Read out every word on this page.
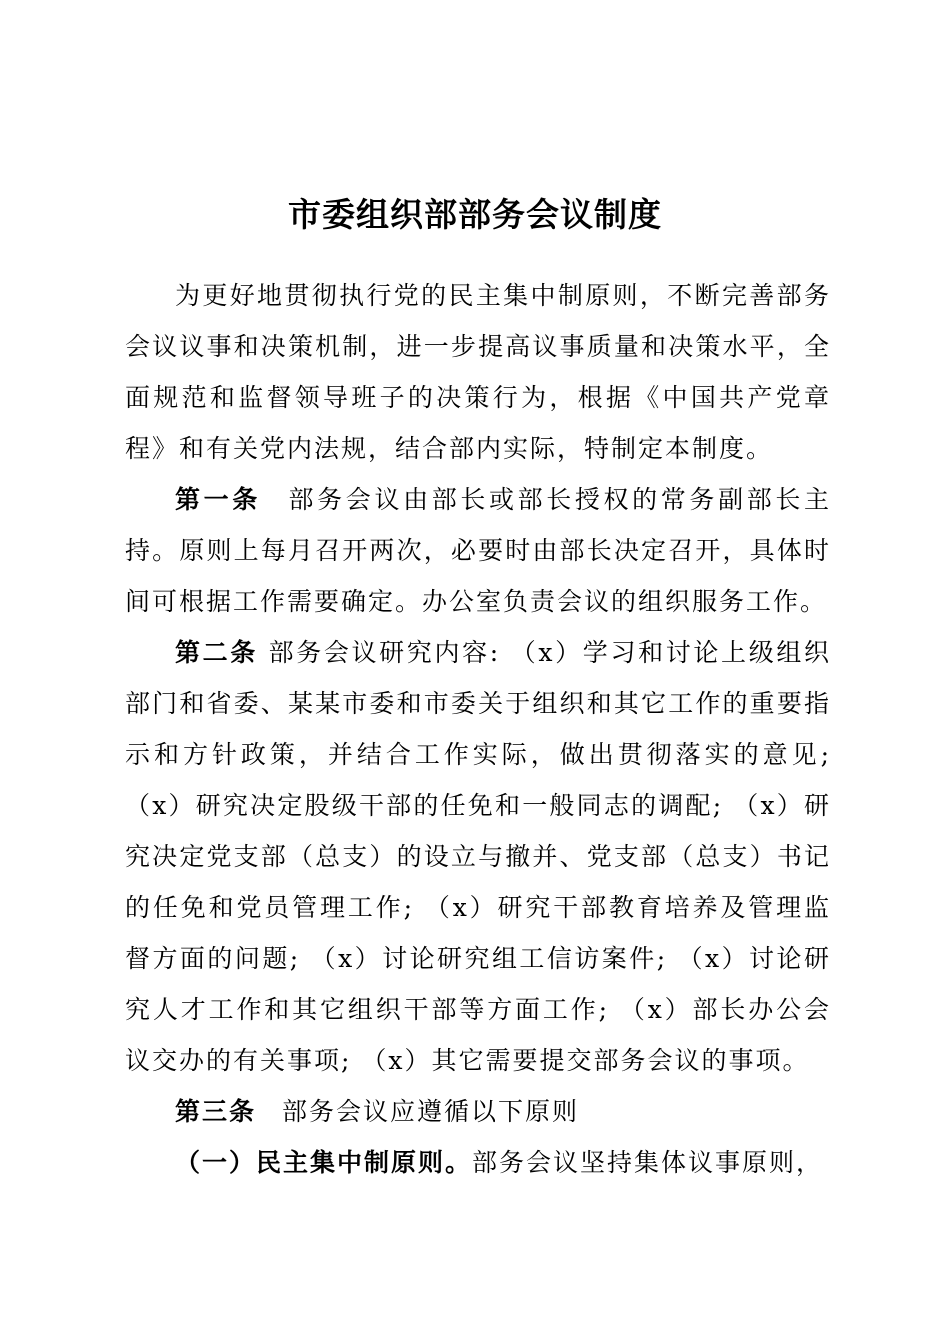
市委组织部部务会议制度

为更好地贯彻执行党的民主集中制原则，不断完善部务会议议事和决策机制，进一步提高议事质量和决策水平，全面规范和监督领导班子的决策行为，根据《中国共产党章程》和有关党内法规，结合部内实际，特制定本制度。

第一条 部务会议由部长或部长授权的常务副部长主持。原则上每月召开两次，必要时由部长决定召开，具体时间可根据工作需要确定。办公室负责会议的组织服务工作。

第二条 部务会议研究内容: （x）学习和讨论上级组织部门和省委、某某市委和市委关于组织和其它工作的重要指示和方针政策，并结合工作实际，做出贯彻落实的意见; （x）研究决定股级干部的任免和一般同志的调配; （x）研究决定党支部（总支）的设立与撤并、党支部（总支）书记的任免和党员管理工作; （x）研究干部教育培养及管理监督方面的问题; （x）讨论研究组工信访案件; （x）讨论研究人才工作和其它组织干部等方面工作; （x）部长办公会议交办的有关事项; （x）其它需要提交部务会议的事项。

第三条 部务会议应遵循以下原则

（一）民主集中制原则。部务会议坚持集体议事原则，
